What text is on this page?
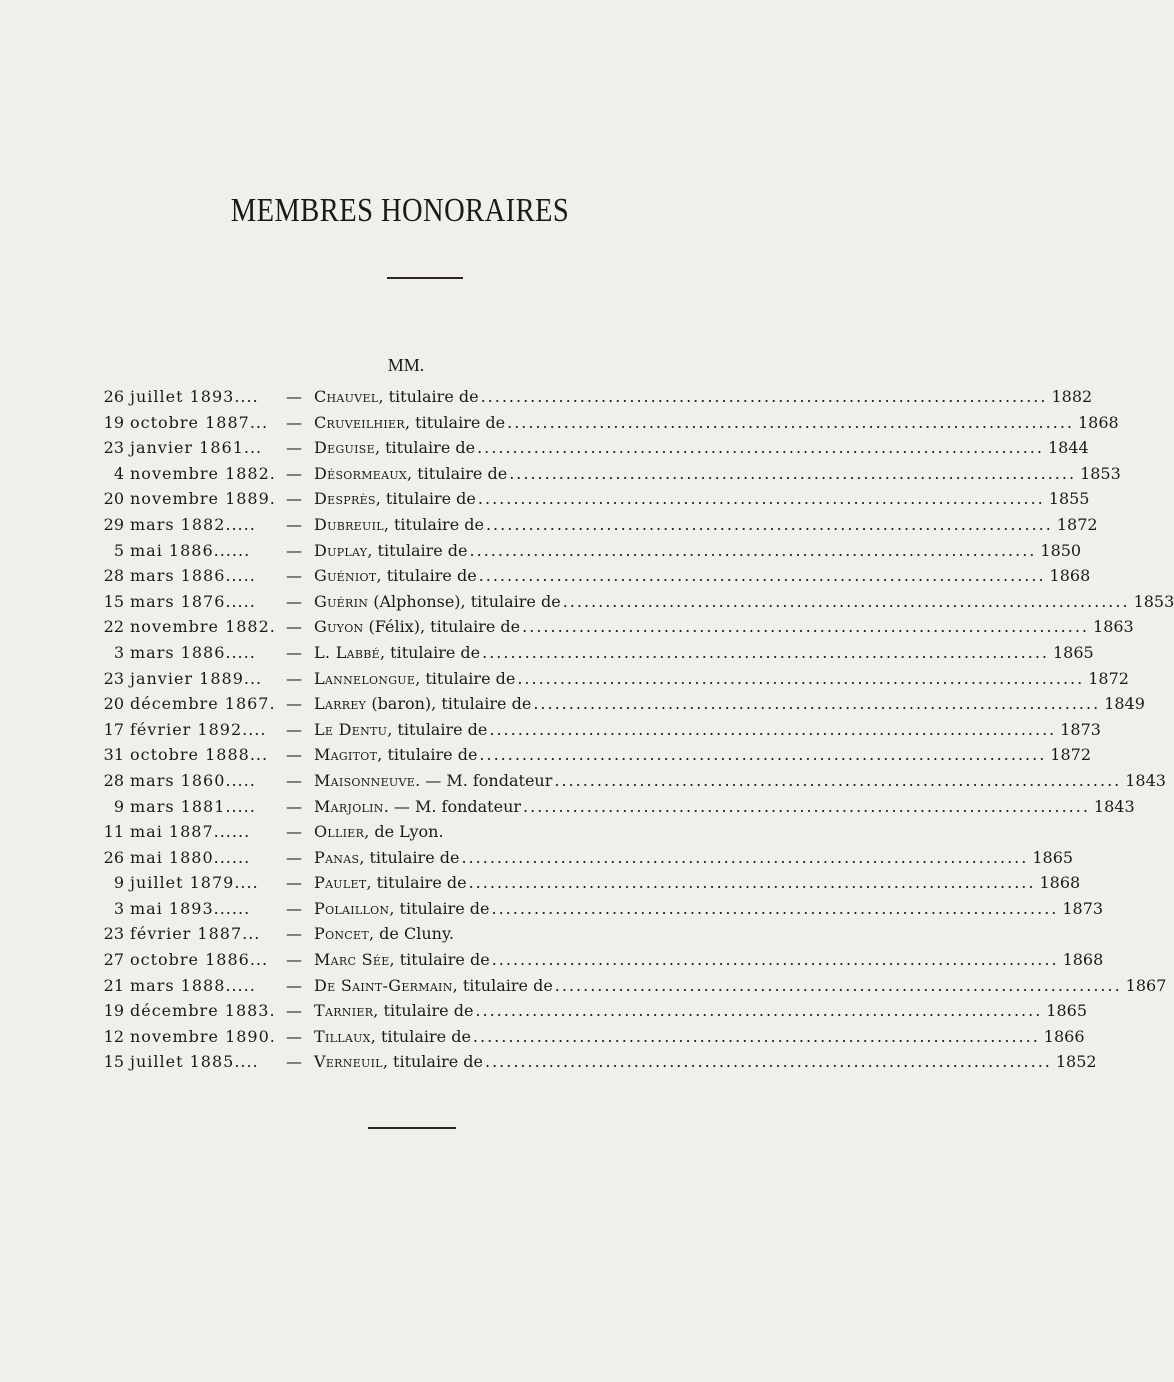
MEMBRES HONORAIRES
MM.
26 juillet 1893....	— Chauvel, titulaire de ................................................................................ 1882
19 octobre 1887...	— Cruveilhier, titulaire de ................................................................................ 1868
23 janvier 1861...	— Deguise, titulaire de ................................................................................ 1844
4 novembre 1882. — Désormeaux, titulaire de ................................................................................ 1853
20 novembre 1889. — Desprès, titulaire de ................................................................................ 1855
29 mars 1882.....	— Dubreuil, titulaire de ................................................................................ 1872
5 mai 1886......	— Duplay, titulaire de ................................................................................ 1850
28 mars 1886.....	— Guéniot, titulaire de ................................................................................ 1868
15 mars 1876.....	— Guérin (Alphonse), titulaire de ................................................................................ 1853
22 novembre 1882. — Guyon (Félix), titulaire de ................................................................................ 1863
3 mars 1886.....	— L. Labbé, titulaire de ................................................................................ 1865
23 janvier 1889...	— Lannelongue, titulaire de ................................................................................ 1872
20 décembre 1867. — Larrey (baron), titulaire de ................................................................................ 1849
17 février 1892....	— Le Dentu, titulaire de ................................................................................ 1873
31 octobre 1888...	— Magitot, titulaire de ................................................................................ 1872
28 mars 1860.....	— Maisonneuve. — M. fondateur ................................................................................ 1843
9 mars 1881.....	— Marjolin. — M. fondateur ................................................................................ 1843
11 mai 1887......	— Ollier, de Lyon.
26 mai 1880......	— Panas, titulaire de ................................................................................ 1865
9 juillet 1879....	— Paulet, titulaire de ................................................................................ 1868
3 mai 1893......	— Polaillon, titulaire de ................................................................................ 1873
23 février 1887...	— Poncet, de Cluny.
27 octobre 1886...	— Marc Sée, titulaire de ................................................................................ 1868
21 mars 1888.....	— De Saint-Germain, titulaire de ................................................................................ 1867
19 décembre 1883. — Tarnier, titulaire de ................................................................................ 1865
12 novembre 1890. — Tillaux, titulaire de ................................................................................ 1866
15 juillet 1885....	— Verneuil, titulaire de ................................................................................ 1852
